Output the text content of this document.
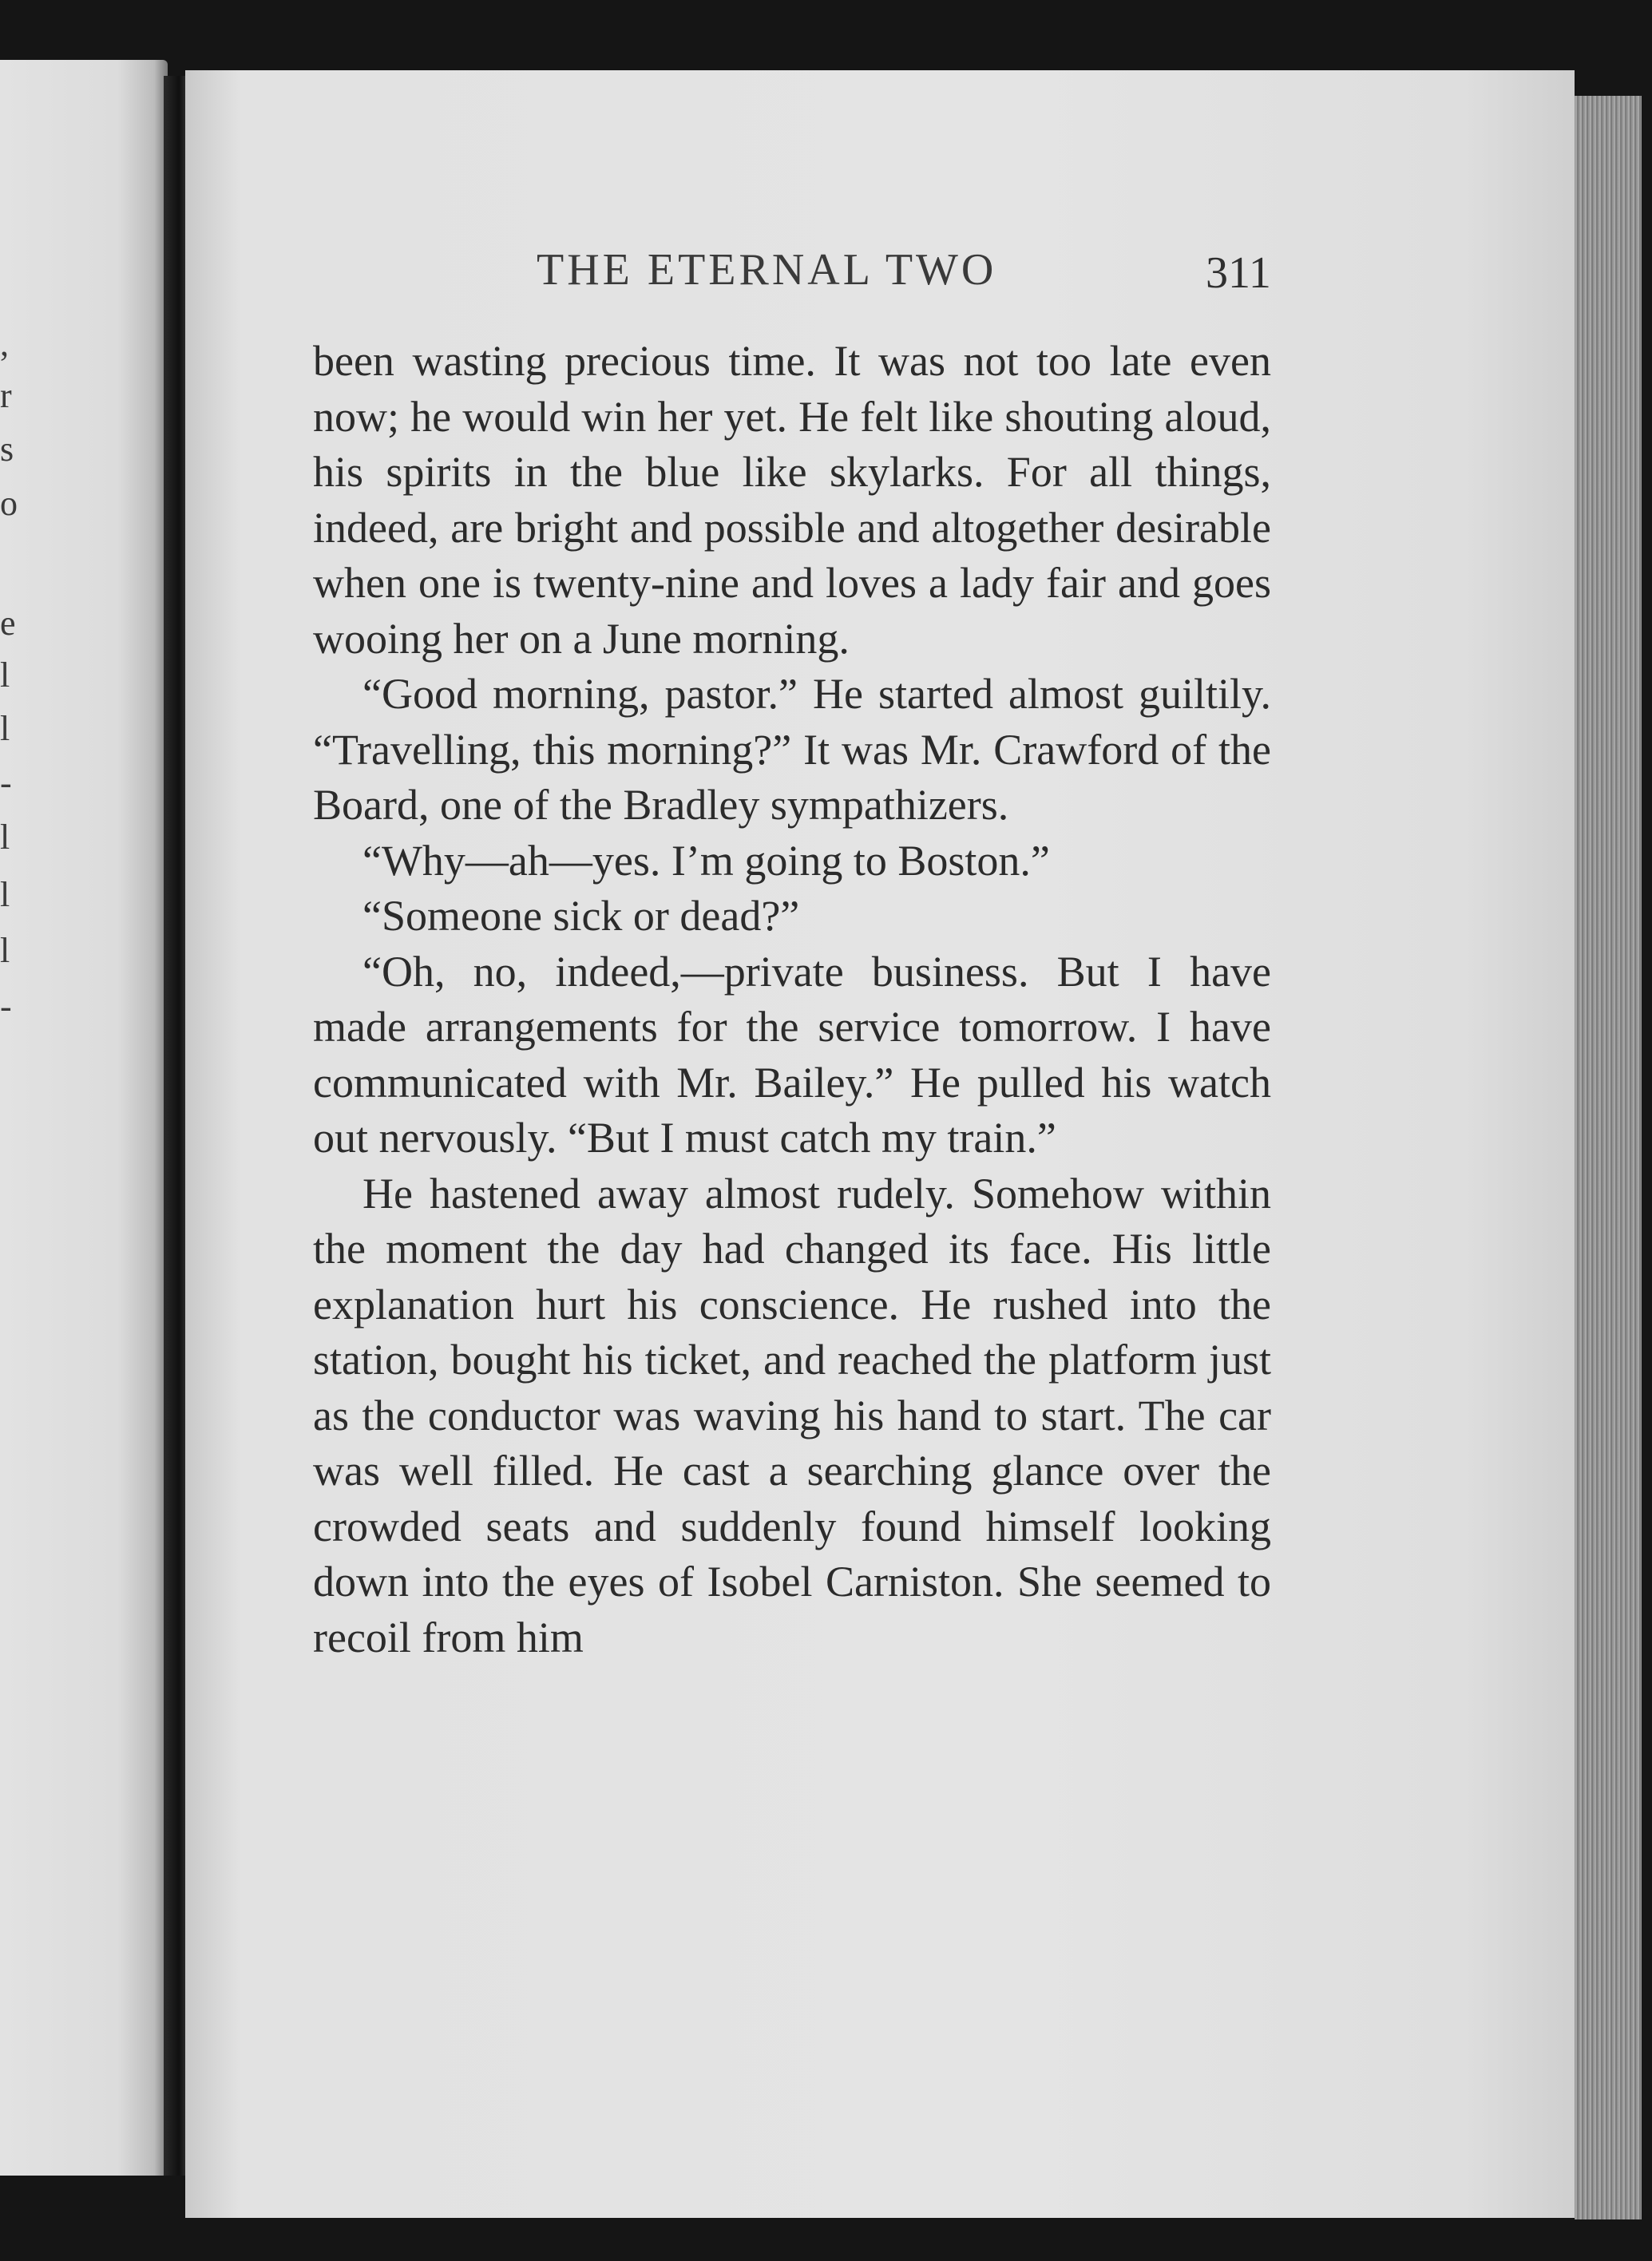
,
r
s
o
e
l
l
-
l
l
l
-
THE ETERNAL TWO	311

been wasting precious time. It was not too late even now; he would win her yet. He felt like shouting aloud, his spirits in the blue like skylarks. For all things, indeed, are bright and possible and altogether desirable when one is twenty-nine and loves a lady fair and goes wooing her on a June morning.

“Good morning, pastor.” He started almost guiltily. “Travelling, this morning?” It was Mr. Crawford of the Board, one of the Bradley sympathizers.

“Why—ah—yes. I’m going to Boston.”

“Someone sick or dead?”

“Oh, no, indeed,—private business. But I have made arrangements for the service tomorrow. I have communicated with Mr. Bailey.” He pulled his watch out nervously. “But I must catch my train.”

He hastened away almost rudely. Somehow within the moment the day had changed its face. His little explanation hurt his conscience. He rushed into the station, bought his ticket, and reached the platform just as the conductor was waving his hand to start. The car was well filled. He cast a searching glance over the crowded seats and suddenly found himself looking down into the eyes of Isobel Carniston. She seemed to recoil from him
